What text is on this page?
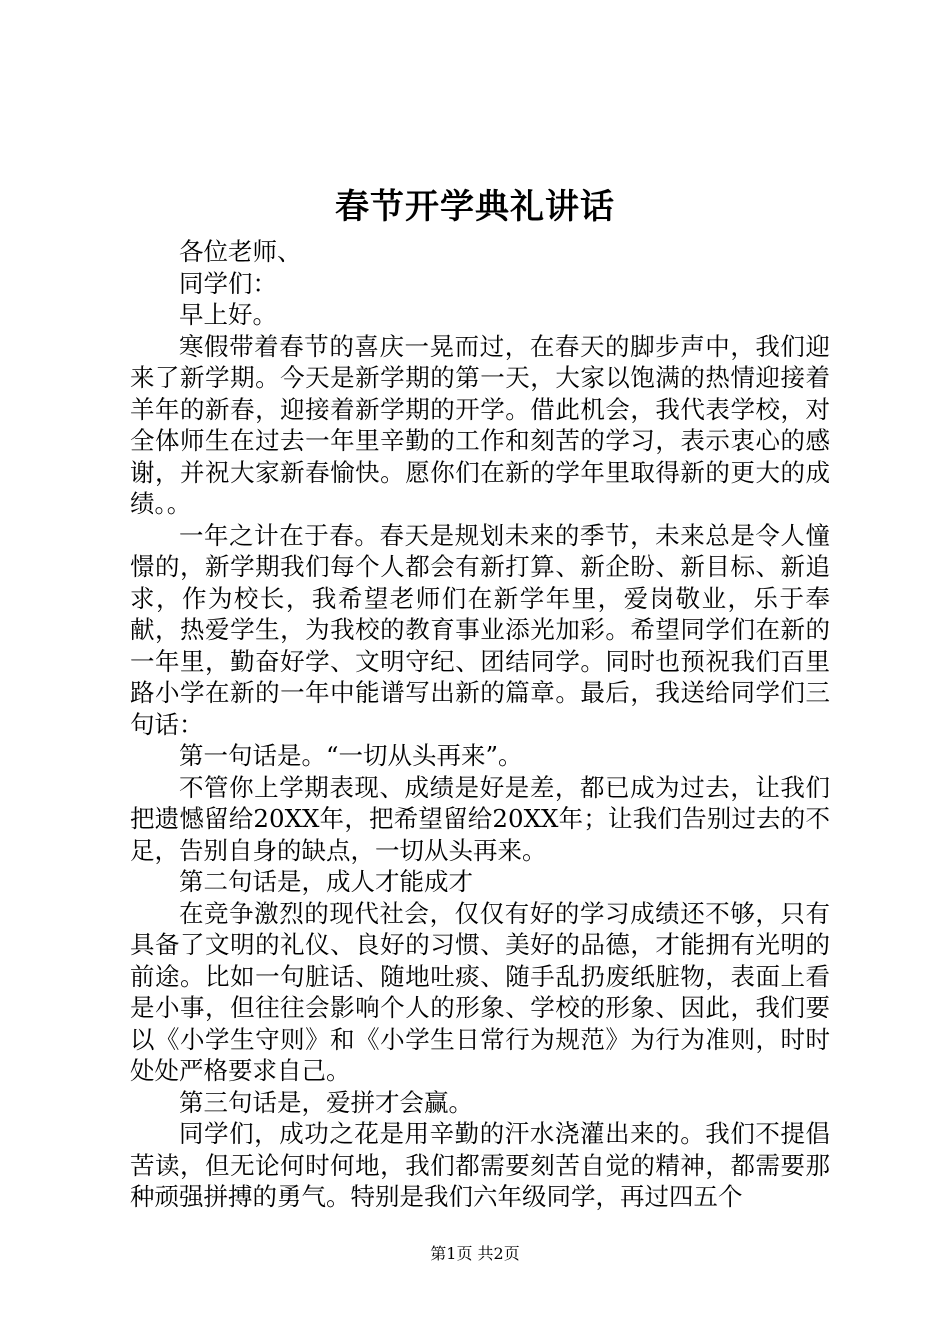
春节开学典礼讲话

各位老师、

同学们：

早上好。

寒假带着春节的喜庆一晃而过，在春天的脚步声中，我们迎来了新学期。今天是新学期的第一天，大家以饱满的热情迎接着羊年的新春，迎接着新学期的开学。借此机会，我代表学校，对全体师生在过去一年里辛勤的工作和刻苦的学习，表示衷心的感谢，并祝大家新春愉快。愿你们在新的学年里取得新的更大的成绩。。

一年之计在于春。春天是规划未来的季节，未来总是令人憧憬的，新学期我们每个人都会有新打算、新企盼、新目标、新追求，作为校长，我希望老师们在新学年里，爱岗敬业，乐于奉献，热爱学生，为我校的教育事业添光加彩。希望同学们在新的一年里，勤奋好学、文明守纪、团结同学。同时也预祝我们百里路小学在新的一年中能谱写出新的篇章。最后，我送给同学们三句话：

第一句话是。“一切从头再来”。

不管你上学期表现、成绩是好是差，都已成为过去，让我们把遗憾留给20XX年，把希望留给20XX年；让我们告别过去的不足，告别自身的缺点，一切从头再来。

第二句话是，成人才能成才

在竞争激烈的现代社会，仅仅有好的学习成绩还不够，只有具备了文明的礼仪、良好的习惯、美好的品德，才能拥有光明的前途。比如一句脏话、随地吐痰、随手乱扔废纸脏物，表面上看是小事，但往往会影响个人的形象、学校的形象、因此，我们要以《小学生守则》和《小学生日常行为规范》为行为准则，时时处处严格要求自己。

第三句话是，爱拼才会赢。

同学们，成功之花是用辛勤的汗水浇灌出来的。我们不提倡苦读，但无论何时何地，我们都需要刻苦自觉的精神，都需要那种顽强拼搏的勇气。特别是我们六年级同学，再过四五个

第1页 共2页
